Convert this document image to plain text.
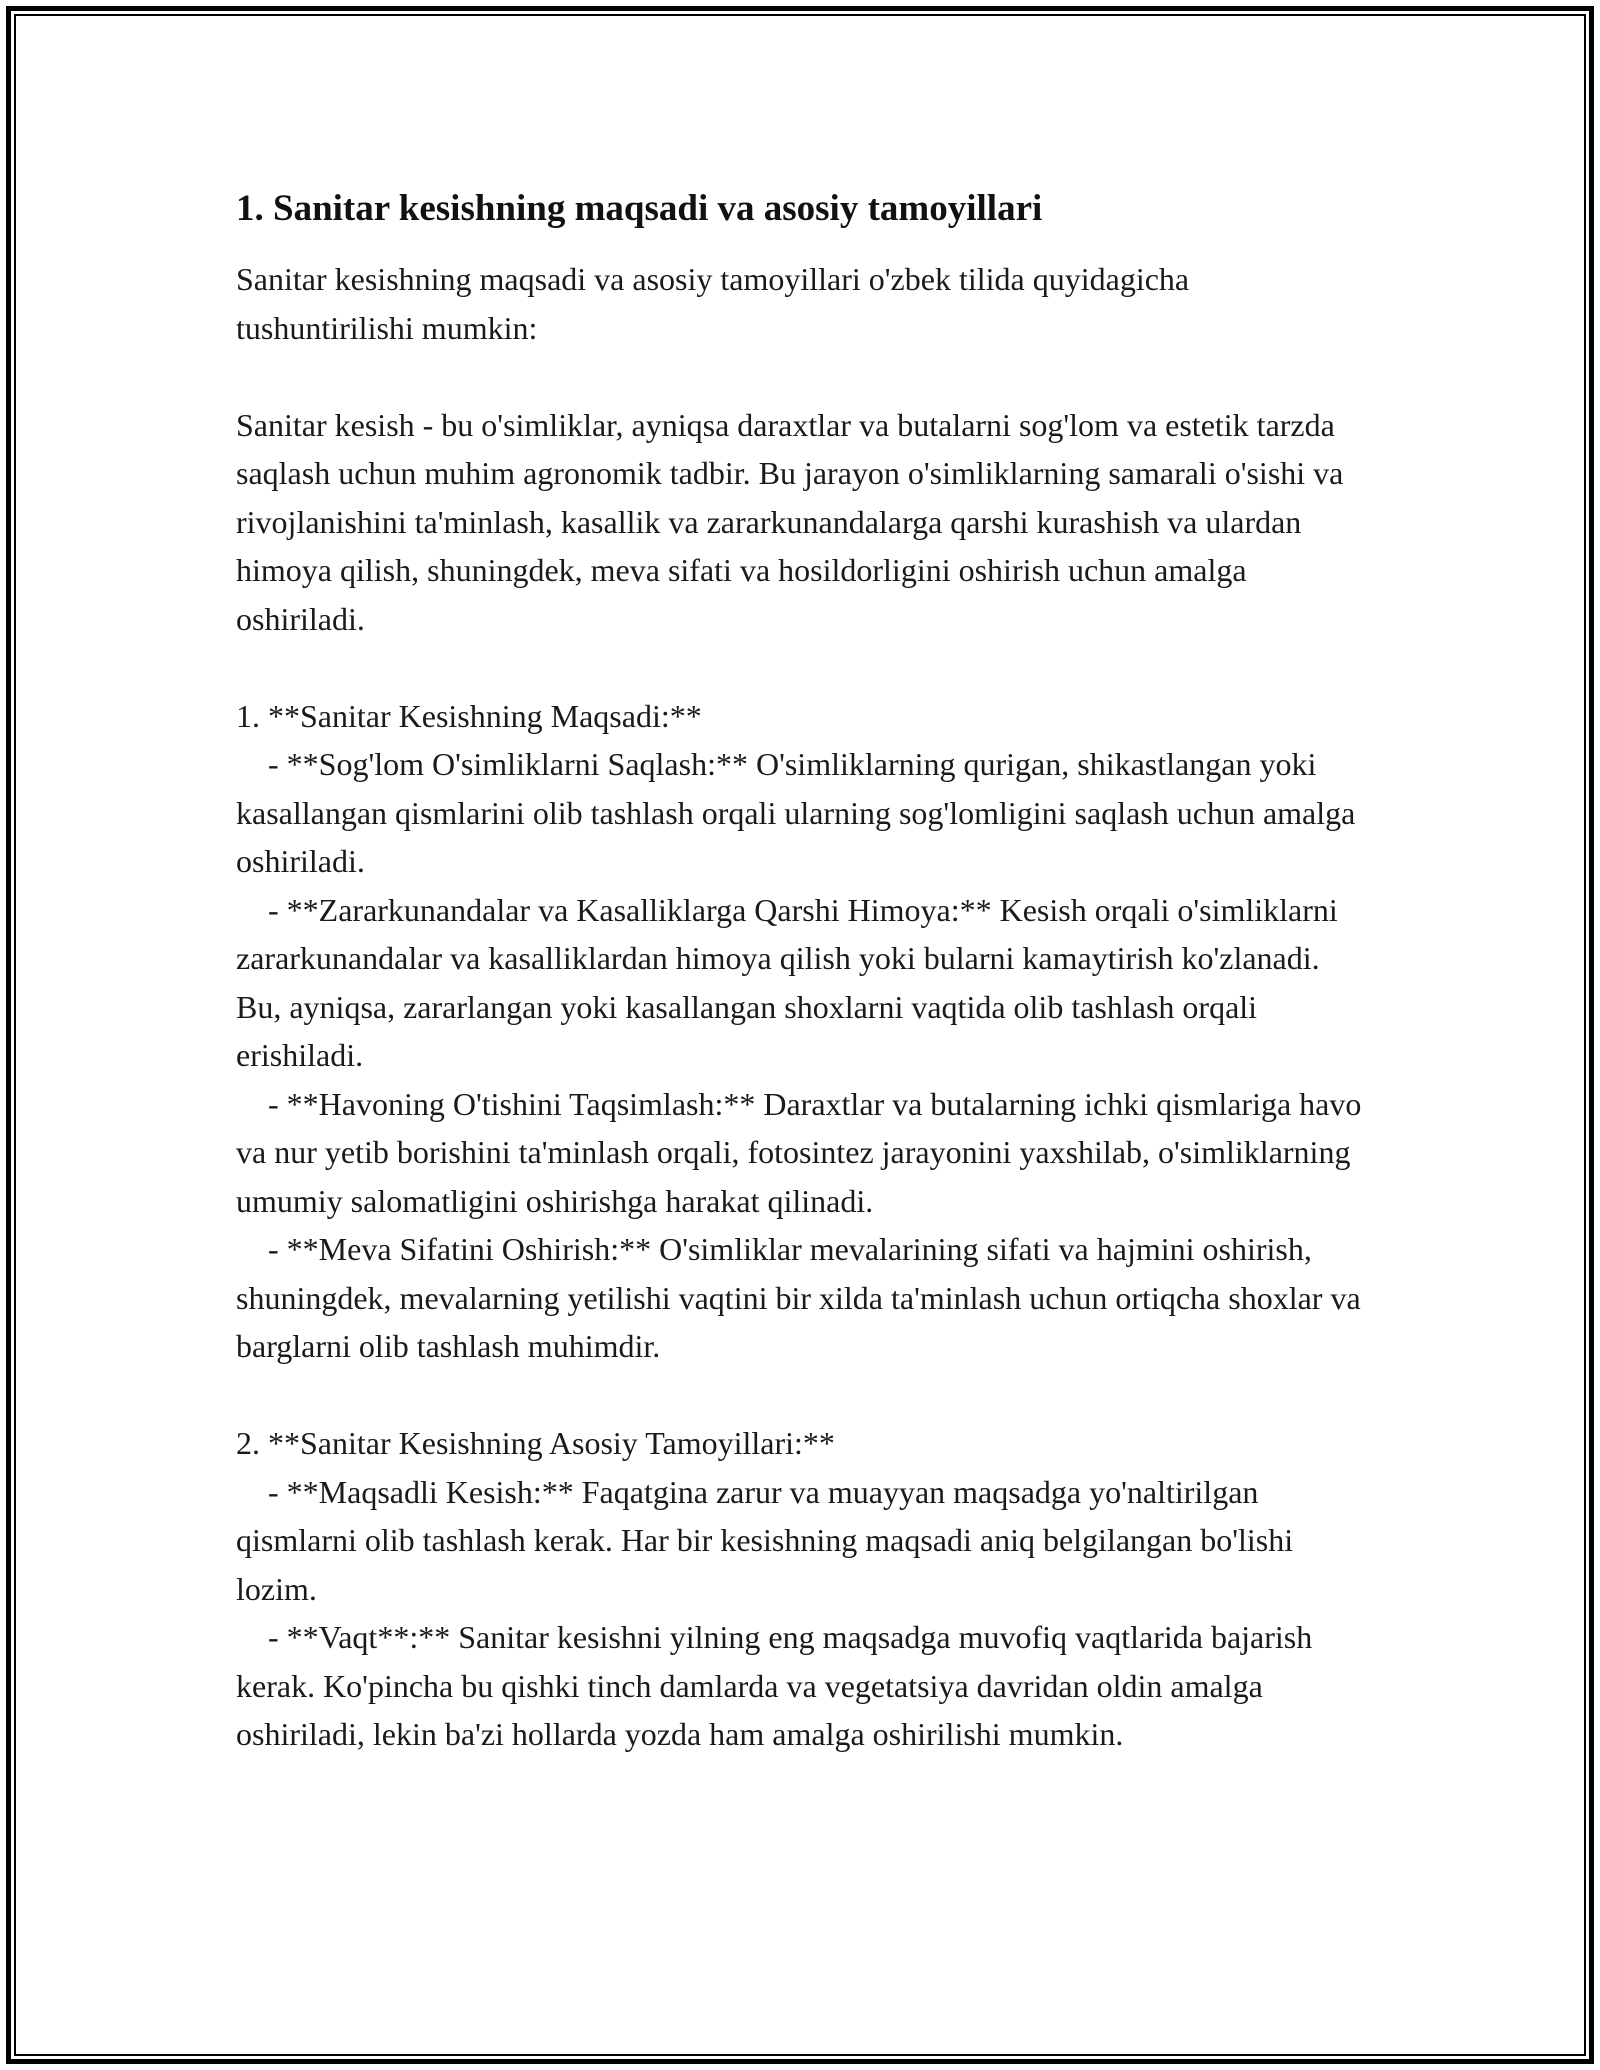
1. Sanitar kesishning maqsadi va asosiy tamoyillari

Sanitar kesishning maqsadi va asosiy tamoyillari o'zbek tilida quyidagicha tushuntirilishi mumkin:

Sanitar kesish - bu o'simliklar, ayniqsa daraxtlar va butalarni sog'lom va estetik tarzda saqlash uchun muhim agronomik tadbir. Bu jarayon o'simliklarning samarali o'sishi va rivojlanishini ta'minlash, kasallik va zararkunandalarga qarshi kurashish va ulardan himoya qilish, shuningdek, meva sifati va hosildorligini oshirish uchun amalga oshiriladi.

1. **Sanitar Kesishning Maqsadi:**
- **Sog'lom O'simliklarni Saqlash:** O'simliklarning qurigan, shikastlangan yoki kasallangan qismlarini olib tashlash orqali ularning sog'lomligini saqlash uchun amalga oshiriladi.
- **Zararkunandalar va Kasalliklarga Qarshi Himoya:** Kesish orqali o'simliklarni zararkunandalar va kasalliklardan himoya qilish yoki bularni kamaytirish ko'zlanadi. Bu, ayniqsa, zararlangan yoki kasallangan shoxlarni vaqtida olib tashlash orqali erishiladi.
- **Havoning O'tishini Taqsimlash:** Daraxtlar va butalarning ichki qismlariga havo va nur yetib borishini ta'minlash orqali, fotosintez jarayonini yaxshilab, o'simliklarning umumiy salomatligini oshirishga harakat qilinadi.
- **Meva Sifatini Oshirish:** O'simliklar mevalarining sifati va hajmini oshirish, shuningdek, mevalarning yetilishi vaqtini bir xilda ta'minlash uchun ortiqcha shoxlar va barglarni olib tashlash muhimdir.

2. **Sanitar Kesishning Asosiy Tamoyillari:**
- **Maqsadli Kesish:** Faqatgina zarur va muayyan maqsadga yo'naltirilgan qismlarni olib tashlash kerak. Har bir kesishning maqsadi aniq belgilangan bo'lishi lozim.
- **Vaqt**:** Sanitar kesishni yilning eng maqsadga muvofiq vaqtlarida bajarish kerak. Ko'pincha bu qishki tinch damlarda va vegetatsiya davridan oldin amalga oshiriladi, lekin ba'zi hollarda yozda ham amalga oshirilishi mumkin.
